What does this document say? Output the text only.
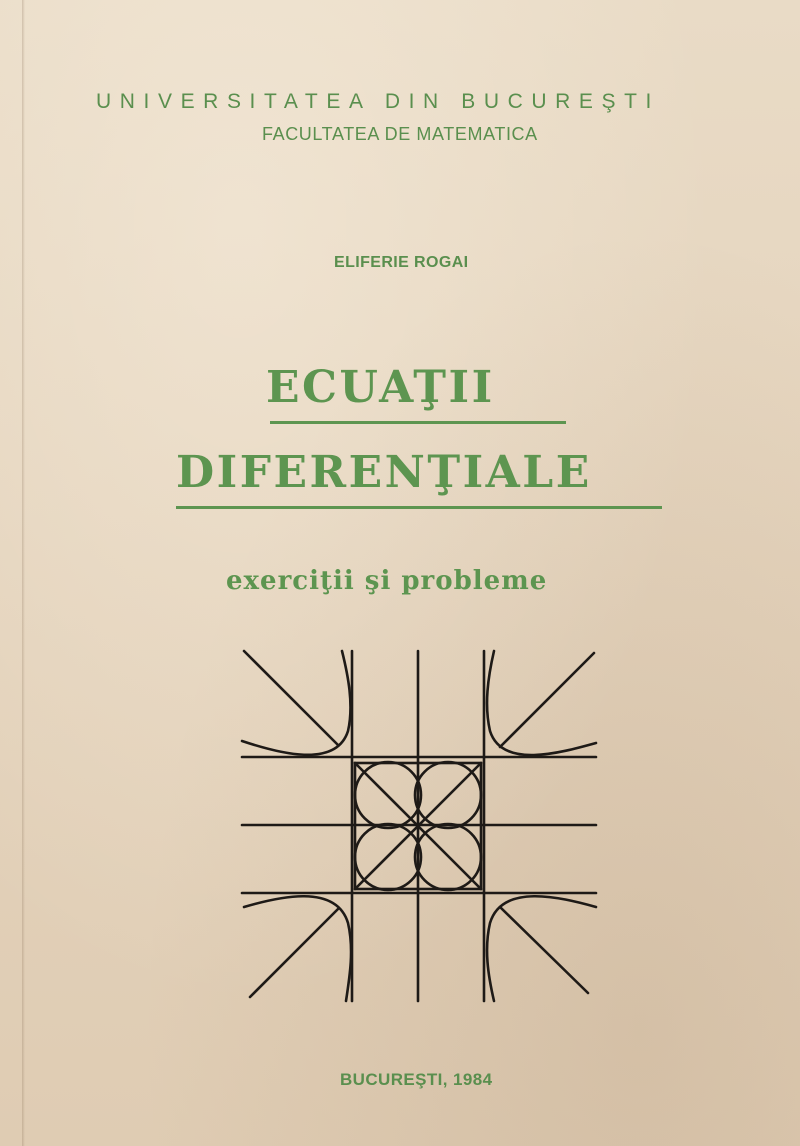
UNIVERSITATEA DIN BUCUREŞTI
FACULTATEA DE MATEMATICA
ELIFERIE ROGAI
ECUAŢII
DIFERENŢIALE
exerciţii şi probleme
BUCUREŞTI, 1984
